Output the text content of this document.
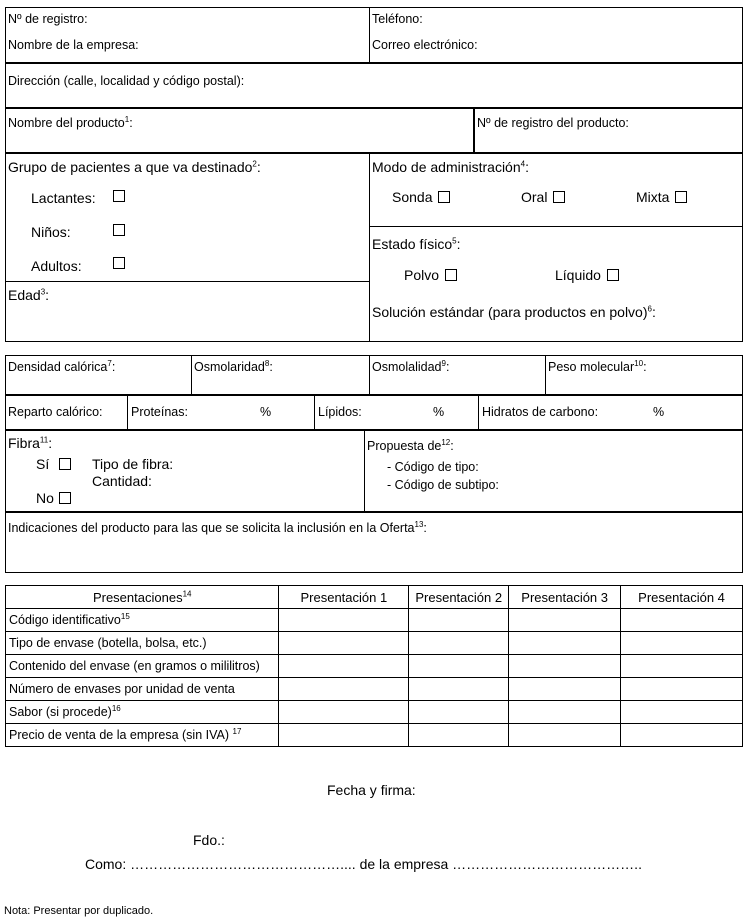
Nº de registro:
Nombre de la empresa:
Teléfono:
Correo electrónico:
Dirección (calle, localidad y código postal):
Nombre del producto$^1$:	Nº de registro del producto:
Grupo de pacientes a que va destinado$^2$:
Lactantes:
Niños:
Adultos:
Edad$^3$:
Modo de administración$^4$:
Sonda	Oral	Mixta
Estado físico$^5$:
Polvo	Líquido
Solución estándar (para productos en polvo)$^6$:
Densidad calórica$^7$:	Osmolaridad$^8$:	Osmolalidad$^9$:	Peso molecular$^{10}$:
Reparto calórico: Proteínas:	%	Lípidos:	%	Hidratos de carbono:	%
Fibra$^{11}$:
Sí	Tipo de fibra:
Cantidad:
No
Propuesta $de^{12}$:
- Código de tipo:
- Código de subtipo:
Indicaciones del producto para las que se solicita la inclusión en la Oferta$^{13}$:
Presentaciones$^{14}$	Presentación 1	Presentación 2	Presentación 3	Presentación 4
Código identificativo$^{15}$				
Tipo de envase (botella, bolsa, etc.)				
Contenido del envase (en gramos o mililitros)				
Número de envases por unidad de venta				
Sabor (si procede)$^{16}$				
Precio de venta de la empresa (sin IVA) $^{17}$				
Fecha y firma:
Fdo.:
Como: ……………………………………….... de la empresa …………………………………..
Nota: Presentar por duplicado.
